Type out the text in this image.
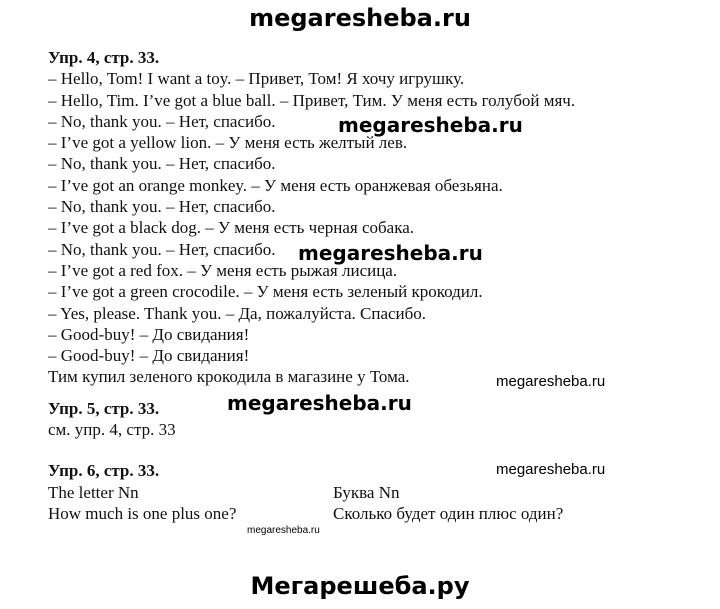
megaresheba.ru
Упр. 4, стр. 33.
– Hello, Tom! I want a toy. – Привет, Том! Я хочу игрушку.
– Hello, Tim. I’ve got a blue ball. – Привет, Тим. У меня есть голубой мяч.
– No, thank you. – Нет, спасибо.
– I’ve got a yellow lion. – У меня есть желтый лев.
– No, thank you. – Нет, спасибо.
– I’ve got an orange monkey. – У меня есть оранжевая обезьяна.
– No, thank you. – Нет, спасибо.
– I’ve got a black dog. – У меня есть черная собака.
– No, thank you. – Нет, спасибо.
– I’ve got a red fox. – У меня есть рыжая лисица.
– I’ve got a green crocodile. – У меня есть зеленый крокодил.
– Yes, please. Thank you. – Да, пожалуйста. Спасибо.
– Good-buy! – До свидания!
– Good-buy! – До свидания!
Тим купил зеленого крокодила в магазине у Тома.
Упр. 5, стр. 33.
см. упр. 4, стр. 33
Упр. 6, стр. 33.
The letter Nn	Буква Nn
How much is one plus one?	Сколько будет один плюс один?
megaresheba.ru
megaresheba.ru
megaresheba.ru
megaresheba.ru
megaresheba.ru
megaresheba.ru
Мегарешеба.ру
